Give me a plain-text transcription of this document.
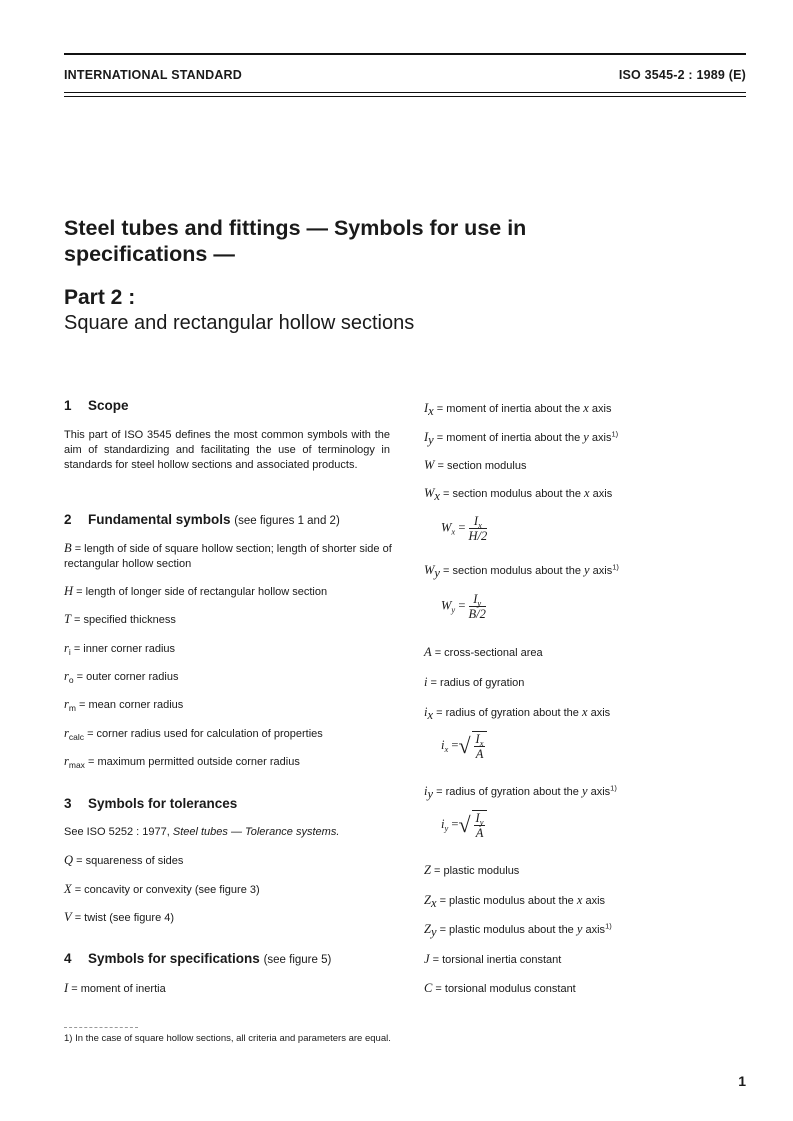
INTERNATIONAL STANDARD	ISO 3545-2 : 1989 (E)
Steel tubes and fittings — Symbols for use in
specifications —
Part 2 :
Square and rectangular hollow sections
1 Scope
This part of ISO 3545 defines the most common symbols with the aim of standardizing and facilitating the use of terminology in standards for steel hollow sections and associated products.
2 Fundamental symbols (see figures 1 and 2)
B = length of side of square hollow section; length of shorter side of rectangular hollow section
H = length of longer side of rectangular hollow section
T = specified thickness
$r_i$ = inner corner radius
$r_o$ = outer corner radius
$r_m$ = mean corner radius
$r_{calc}$ = corner radius used for calculation of properties
$r_{max}$ = maximum permitted outside corner radius
3 Symbols for tolerances
See ISO 5252 : 1977, Steel tubes — Tolerance systems.
Q = squareness of sides
X = concavity or convexity (see figure 3)
V = twist (see figure 4)
4 Symbols for specifications (see figure 5)
I = moment of inertia
$I_x$ = moment of inertia about the x axis
$I_y$ = moment of inertia about the y axis$^{1)}$
W = section modulus
$W_x$ = section modulus about the x axis
$W_x = \frac{I_x}{H/2}$
$W_y$ = section modulus about the y axis$^{1)}$
$W_y = \frac{I_y}{B/2}$
A = cross-sectional area
i = radius of gyration
$i_x$ = radius of gyration about the x axis
$i_x$ =√ $\frac{I_x}{A}$
$i_y$ = radius of gyration about the y axis$^{1)}$
$i_y$ =√ $\frac{I_y}{A}$
Z = plastic modulus
$Z_x$ = plastic modulus about the x axis
$Z_y$ = plastic modulus about the y axis$^{1)}$
J = torsional inertia constant
C = torsional modulus constant
1) In the case of square hollow sections, all criteria and parameters are equal.
1
